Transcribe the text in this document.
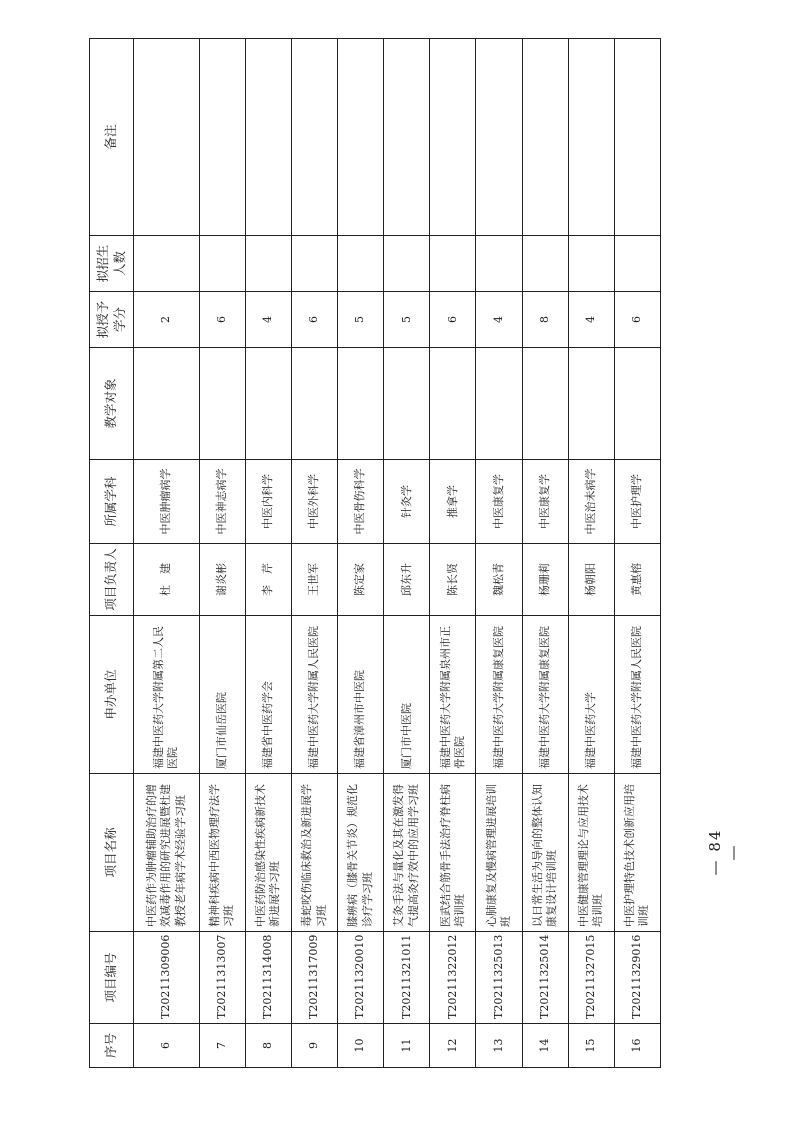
序号	项目编号	项目名称	申办单位	项目负责人	所属学科	教学对象	拟授予学分	拟招生人数	备注
6	T20211309006	中医药作为肿瘤辅助治疗的增效减毒作用的研究进展暨杜建教授老年病学术经验学习班	福建中医药大学附属第二人民医院	杜　建	中医肿瘤病学		2		
7	T20211313007	精神科疾病中西医物理疗法学习班	厦门市仙岳医院	谢炎彬	中医神志病学		6		
8	T20211314008	中医药防治感染性疾病新技术新进展学习班	福建省中医药学会	李　芹	中医内科学		4		
9	T20211317009	毒蛇咬伤临床救治及新进展学习班	福建中医药大学附属人民医院	王世军	中医外科学		6		
10	T20211320010	膝痹病（膝骨关节炎）规范化诊疗学习班	福建省漳州市中医院	陈定家	中医骨伤科学		5		
11	T20211321011	艾灸手法与量化及其在激发得气提高灸疗效中的应用学习班	厦门市中医院	邱东升	针灸学		5		
12	T20211322012	医武结合筋骨手法治疗脊柱病培训班	福建中医药大学附属泉州市正骨医院	陈长贤	推拿学		6		
13	T20211325013	心肺康复及慢病管理进展培训班	福建中医药大学附属康复医院	魏松青	中医康复学		4		
14	T20211325014	以日常生活为导向的整体认知康复设计培训班	福建中医药大学附属康复医院	杨珊莉	中医康复学		8		
15	T20211327015	中医健康管理理论与应用技术培训班	福建中医药大学	杨朝阳	中医治未病学		4		
16	T20211329016	中医护理特色技术创新应用培训班	福建中医药大学附属人民医院	黄惠榕	中医护理学		6		
— 84 —
